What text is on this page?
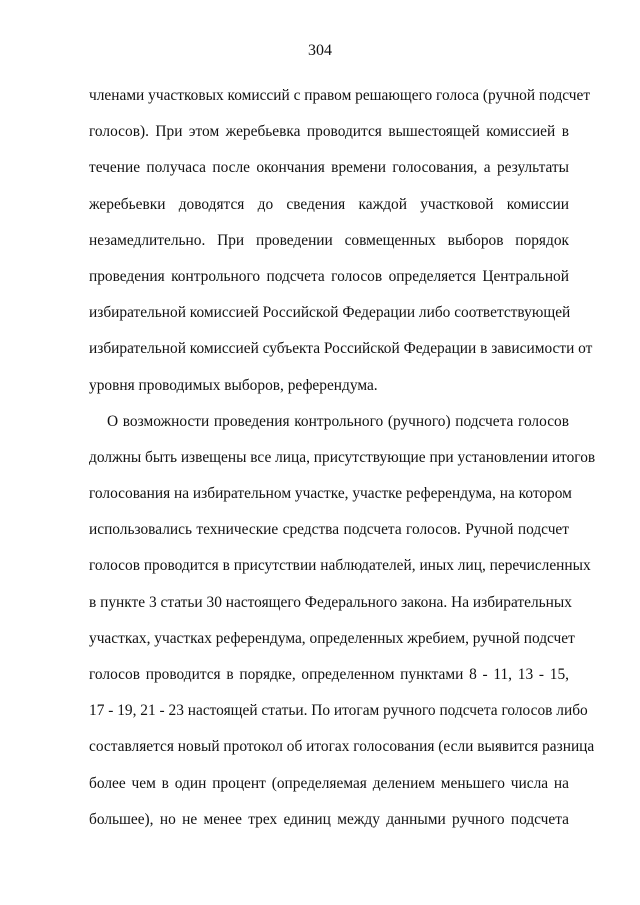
304
членами участковых комиссий с правом решающего голоса (ручной подсчет
голосов). При этом жеребьевка проводится вышестоящей комиссией в
течение получаса после окончания времени голосования, а результаты
жеребьевки доводятся до сведения каждой участковой комиссии
незамедлительно. При проведении совмещенных выборов порядок
проведения контрольного подсчета голосов определяется Центральной
избирательной комиссией Российской Федерации либо соответствующей
избирательной комиссией субъекта Российской Федерации в зависимости от
уровня проводимых выборов, референдума.
О возможности проведения контрольного (ручного) подсчета голосов
должны быть извещены все лица, присутствующие при установлении итогов
голосования на избирательном участке, участке референдума, на котором
использовались технические средства подсчета голосов. Ручной подсчет
голосов проводится в присутствии наблюдателей, иных лиц, перечисленных
в пункте 3 статьи 30 настоящего Федерального закона. На избирательных
участках, участках референдума, определенных жребием, ручной подсчет
голосов проводится в порядке, определенном пунктами 8 - 11, 13 - 15,
17 - 19, 21 - 23 настоящей статьи. По итогам ручного подсчета голосов либо
составляется новый протокол об итогах голосования (если выявится разница
более чем в один процент (определяемая делением меньшего числа на
большее), но не менее трех единиц между данными ручного подсчета
